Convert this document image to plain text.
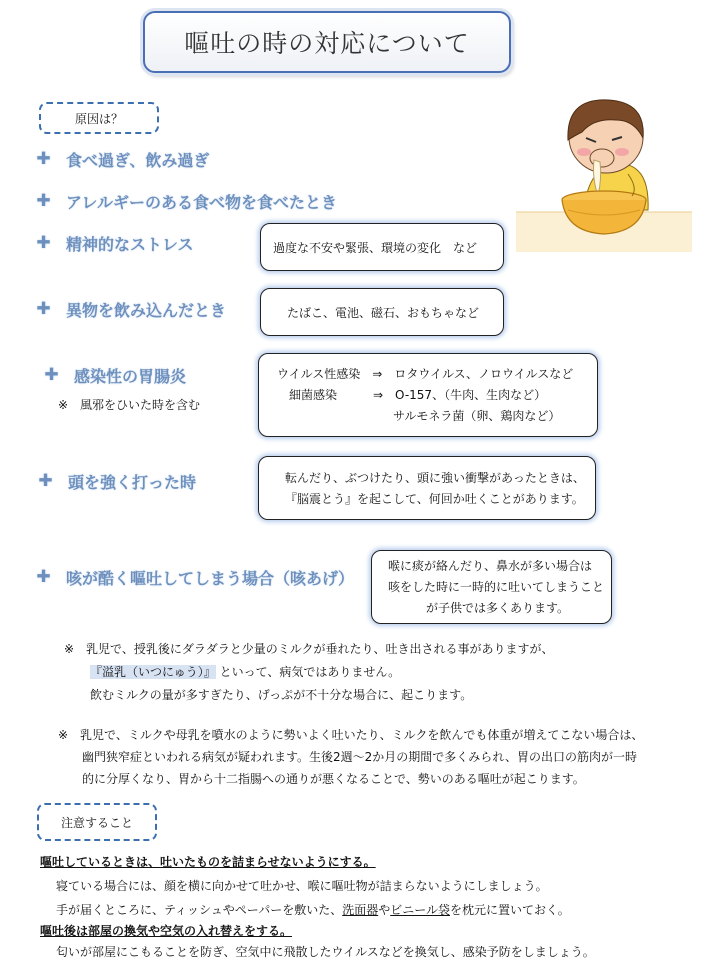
嘔吐の時の対応について
原因は？
✚ 食べ過ぎ、飲み過ぎ
✚ アレルギーのある食べ物を食べたとき
✚ 精神的なストレス
✚ 異物を飲み込んだとき
✚ 感染性の胃腸炎
※　風邪をひいた時を含む
✚ 頭を強く打った時
✚ 咳が酷く嘔吐してしまう場合（咳あげ）
過度な不安や緊張、環境の変化　など
たばこ、電池、磁石、おもちゃなど
ウイルス性感染　⇒　ロタウイルス、ノロウイルスなど
細菌感染　　　⇒　O-157、（牛肉、生肉など）
サルモネラ菌（卵、鶏肉など）
転んだり、ぶつけたり、頭に強い衝撃があったときは、
『脳震とう』を起こして、何回か吐くことがあります。
喉に痰が絡んだり、鼻水が多い場合は
咳をした時に一時的に吐いてしまうこと
が子供では多くあります。
※　乳児で、授乳後にダラダラと少量のミルクが垂れたり、吐き出される事がありますが、
『溢乳（いつにゅう）』 といって、病気ではありません。
飲むミルクの量が多すぎたり、げっぷが不十分な場合に、起こります。
※　乳児で、ミルクや母乳を噴水のように勢いよく吐いたり、ミルクを飲んでも体重が増えてこない場合は、
幽門狭窄症といわれる病気が疑われます。生後2週～2か月の期間で多くみられ、胃の出口の筋肉が一時
的に分厚くなり、胃から十二指腸への通りが悪くなることで、勢いのある嘔吐が起こります。
注意すること
嘔吐しているときは、吐いたものを詰まらせないようにする。
寝ている場合には、顔を横に向かせて吐かせ、喉に嘔吐物が詰まらないようにしましょう。
手が届くところに、ティッシュやペーパーを敷いた、洗面器やビニール袋を枕元に置いておく。
嘔吐後は部屋の換気や空気の入れ替えをする。
匂いが部屋にこもることを防ぎ、空気中に飛散したウイルスなどを換気し、感染予防をしましょう。
